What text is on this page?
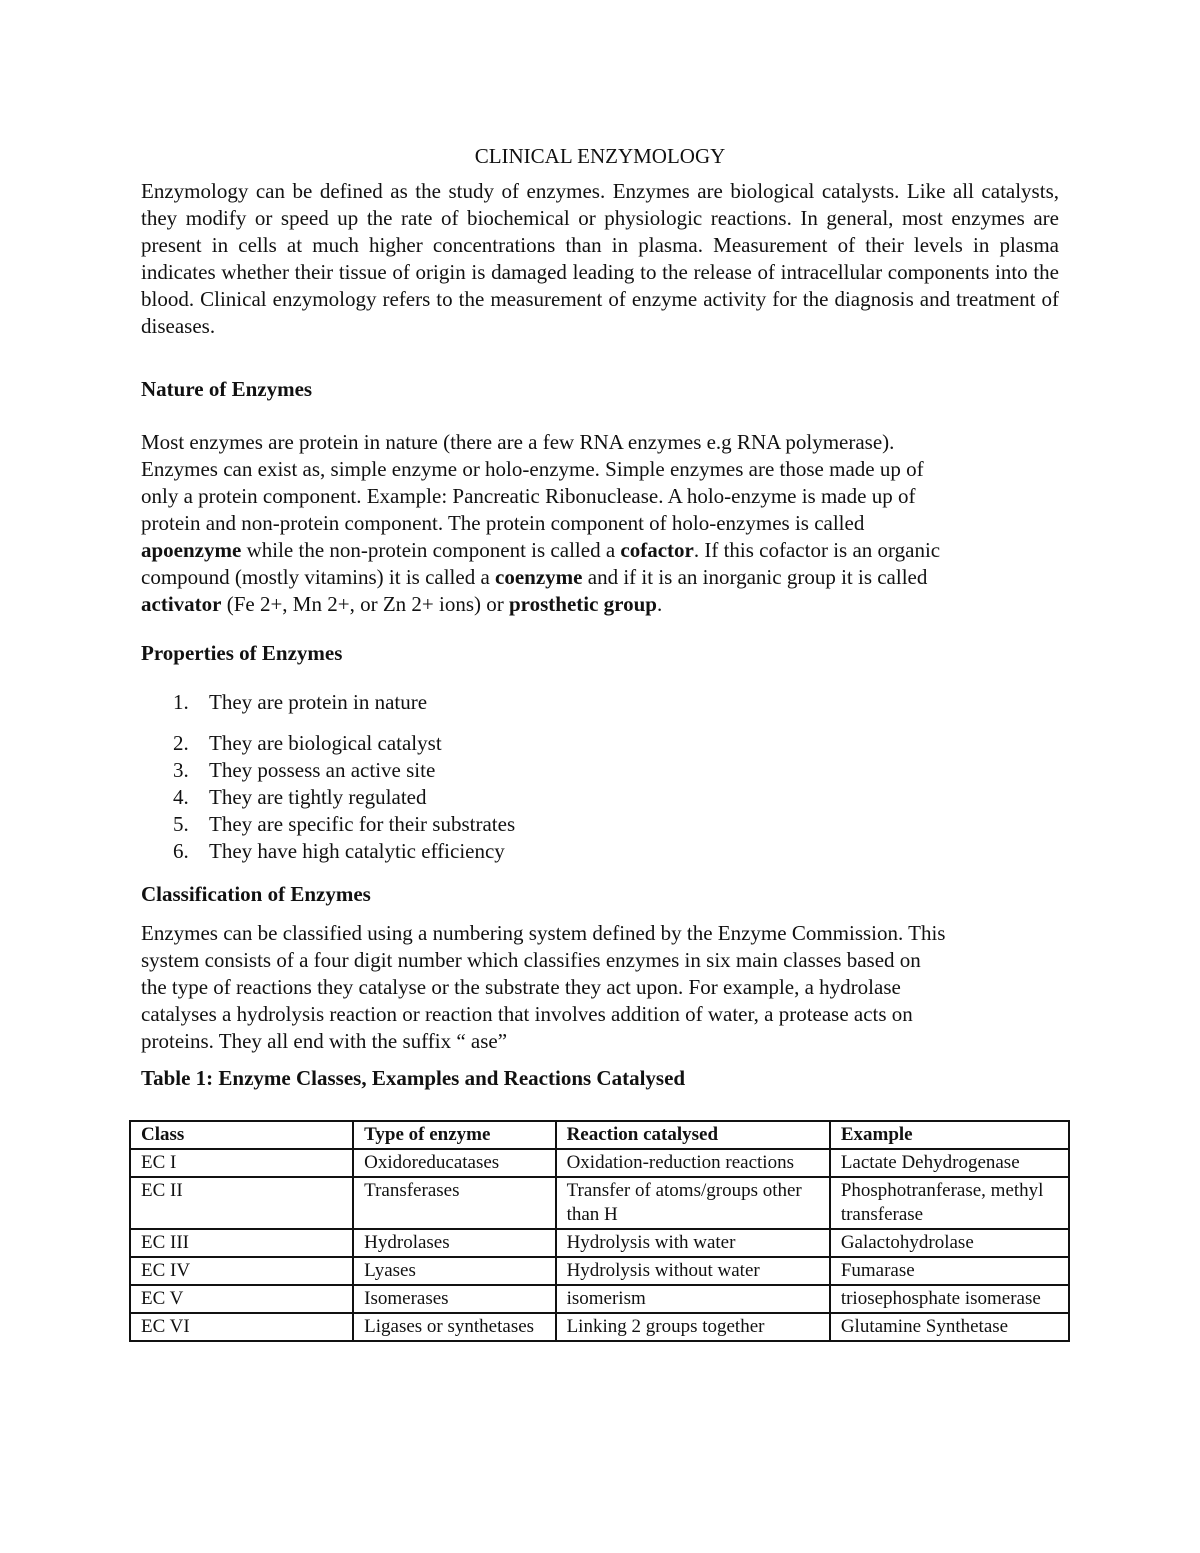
CLINICAL ENZYMOLOGY

Enzymology can be defined as the study of enzymes. Enzymes are biological catalysts. Like all catalysts, they modify or speed up the rate of biochemical or physiologic reactions. In general, most enzymes are present in cells at much higher concentrations than in plasma. Measurement of their levels in plasma indicates whether their tissue of origin is damaged leading to the release of intracellular components into the blood. Clinical enzymology refers to the measurement of enzyme activity for the diagnosis and treatment of diseases.

Nature of Enzymes

Most enzymes are protein in nature (there are a few RNA enzymes e.g RNA polymerase).
Enzymes can exist as, simple enzyme or holo-enzyme. Simple enzymes are those made up of
only a protein component. Example: Pancreatic Ribonuclease. A holo-enzyme is made up of
protein and non-protein component. The protein component of holo-enzymes is called
apoenzyme while the non-protein component is called a cofactor. If this cofactor is an organic
compound (mostly vitamins) it is called a coenzyme and if it is an inorganic group it is called
activator (Fe 2+, Mn 2+, or Zn 2+ ions) or prosthetic group.

Properties of Enzymes

1. They are protein in nature
2. They are biological catalyst
3. They possess an active site
4. They are tightly regulated
5. They are specific for their substrates
6. They have high catalytic efficiency

Classification of Enzymes

Enzymes can be classified using a numbering system defined by the Enzyme Commission. This
system consists of a four digit number which classifies enzymes in six main classes based on
the type of reactions they catalyse or the substrate they act upon. For example, a hydrolase
catalyses a hydrolysis reaction or reaction that involves addition of water, a protease acts on
proteins. They all end with the suffix “ ase”

Table 1: Enzyme Classes, Examples and Reactions Catalysed

Class	Type of enzyme	Reaction catalysed	Example
EC I	Oxidoreducatases	Oxidation-reduction reactions	Lactate Dehydrogenase
EC II	Transferases	Transfer of atoms/groups other than H	Phosphotranferase, methyl transferase
EC III	Hydrolases	Hydrolysis with water	Galactohydrolase
EC IV	Lyases	Hydrolysis without water	Fumarase
EC V	Isomerases	isomerism	triosephosphate isomerase
EC VI	Ligases or synthetases	Linking 2 groups together	Glutamine Synthetase
